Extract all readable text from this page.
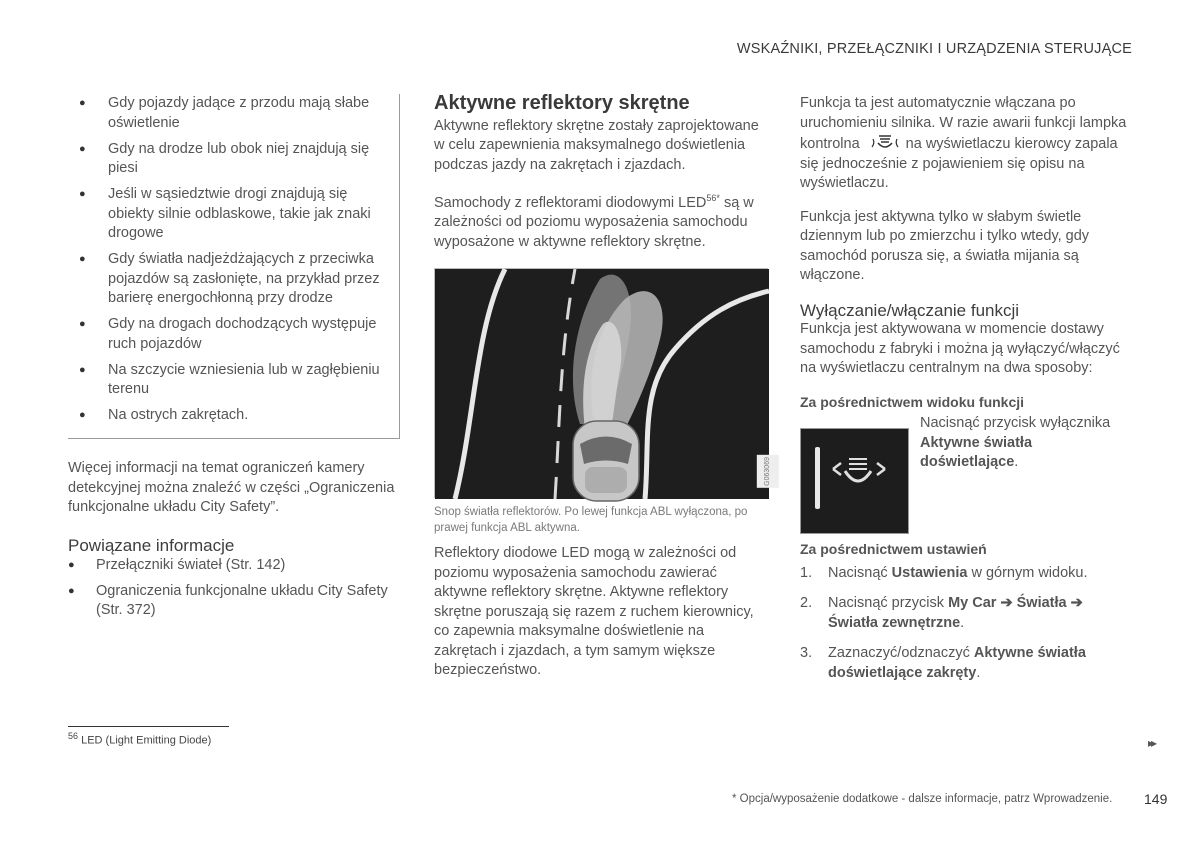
WSKAŹNIKI, PRZEŁĄCZNIKI I URZĄDZENIA STERUJĄCE
● Gdy pojazdy jadące z przodu mają słabe oświetlenie
● Gdy na drodze lub obok niej znajdują się piesi
● Jeśli w sąsiedztwie drogi znajdują się obiekty silnie odblaskowe, takie jak znaki drogowe
● Gdy światła nadjeżdżających z przeciwka pojazdów są zasłonięte, na przykład przez barierę energochłonną przy drodze
● Gdy na drogach dochodzących występuje ruch pojazdów
● Na szczycie wzniesienia lub w zagłębieniu terenu
● Na ostrych zakrętach.

Więcej informacji na temat ograniczeń kamery detekcyjnej można znaleźć w części „Ograniczenia funkcjonalne układu City Safety”.

Powiązane informacje
● Przełączniki świateł (Str. 142)
● Ograniczenia funkcjonalne układu City Safety (Str. 372)
Aktywne reflektory skrętne

Aktywne reflektory skrętne zostały zaprojektowane w celu zapewnienia maksymalnego doświetlenia podczas jazdy na zakrętach i zjazdach.

Samochody z reflektorami diodowymi $LED^{56*}$ są w zależności od poziomu wyposażenia samochodu wyposażone w aktywne reflektory skrętne.

G063069

Snop światła reflektorów. Po lewej funkcja ABL wyłączona, po prawej funkcja ABL aktywna.

Reflektory diodowe LED mogą w zależności od poziomu wyposażenia samochodu zawierać aktywne reflektory skrętne. Aktywne reflektory skrętne poruszają się razem z ruchem kierownicy, co zapewnia maksymalne doświetlenie na zakrętach i zjazdach, a tym samym większe bezpieczeństwo.

Funkcja ta jest automatycznie włączana po uruchomieniu silnika. W razie awarii funkcji lampka kontrolna	na wyświetlaczu kierowcy zapala się jednocześnie z pojawieniem się opisu na wyświetlaczu.

Funkcja jest aktywna tylko w słabym świetle dziennym lub po zmierzchu i tylko wtedy, gdy samochód porusza się, a światła mijania są włączone.

Wyłączanie/włączanie funkcji

Funkcja jest aktywowana w momencie dostawy samochodu z fabryki i można ją wyłączyć/włączyć na wyświetlaczu centralnym na dwa sposoby:

Za pośrednictwem widoku funkcji
Nacisnąć przycisk wyłącznika Aktywne światła doświetlające.
Za pośrednictwem ustawień
1. Nacisnąć Ustawienia w górnym widoku.
2. Nacisnąć przycisk My Car ➔ Światła ➔ Światła zewnętrzne.
3. Zaznaczyć/odznaczyć Aktywne światła doświetlające zakręty.
$^{56}$ LED (Light Emitting Diode)	▸▸
* Opcja/wyposażenie dodatkowe - dalsze informacje, patrz Wprowadzenie. 149
